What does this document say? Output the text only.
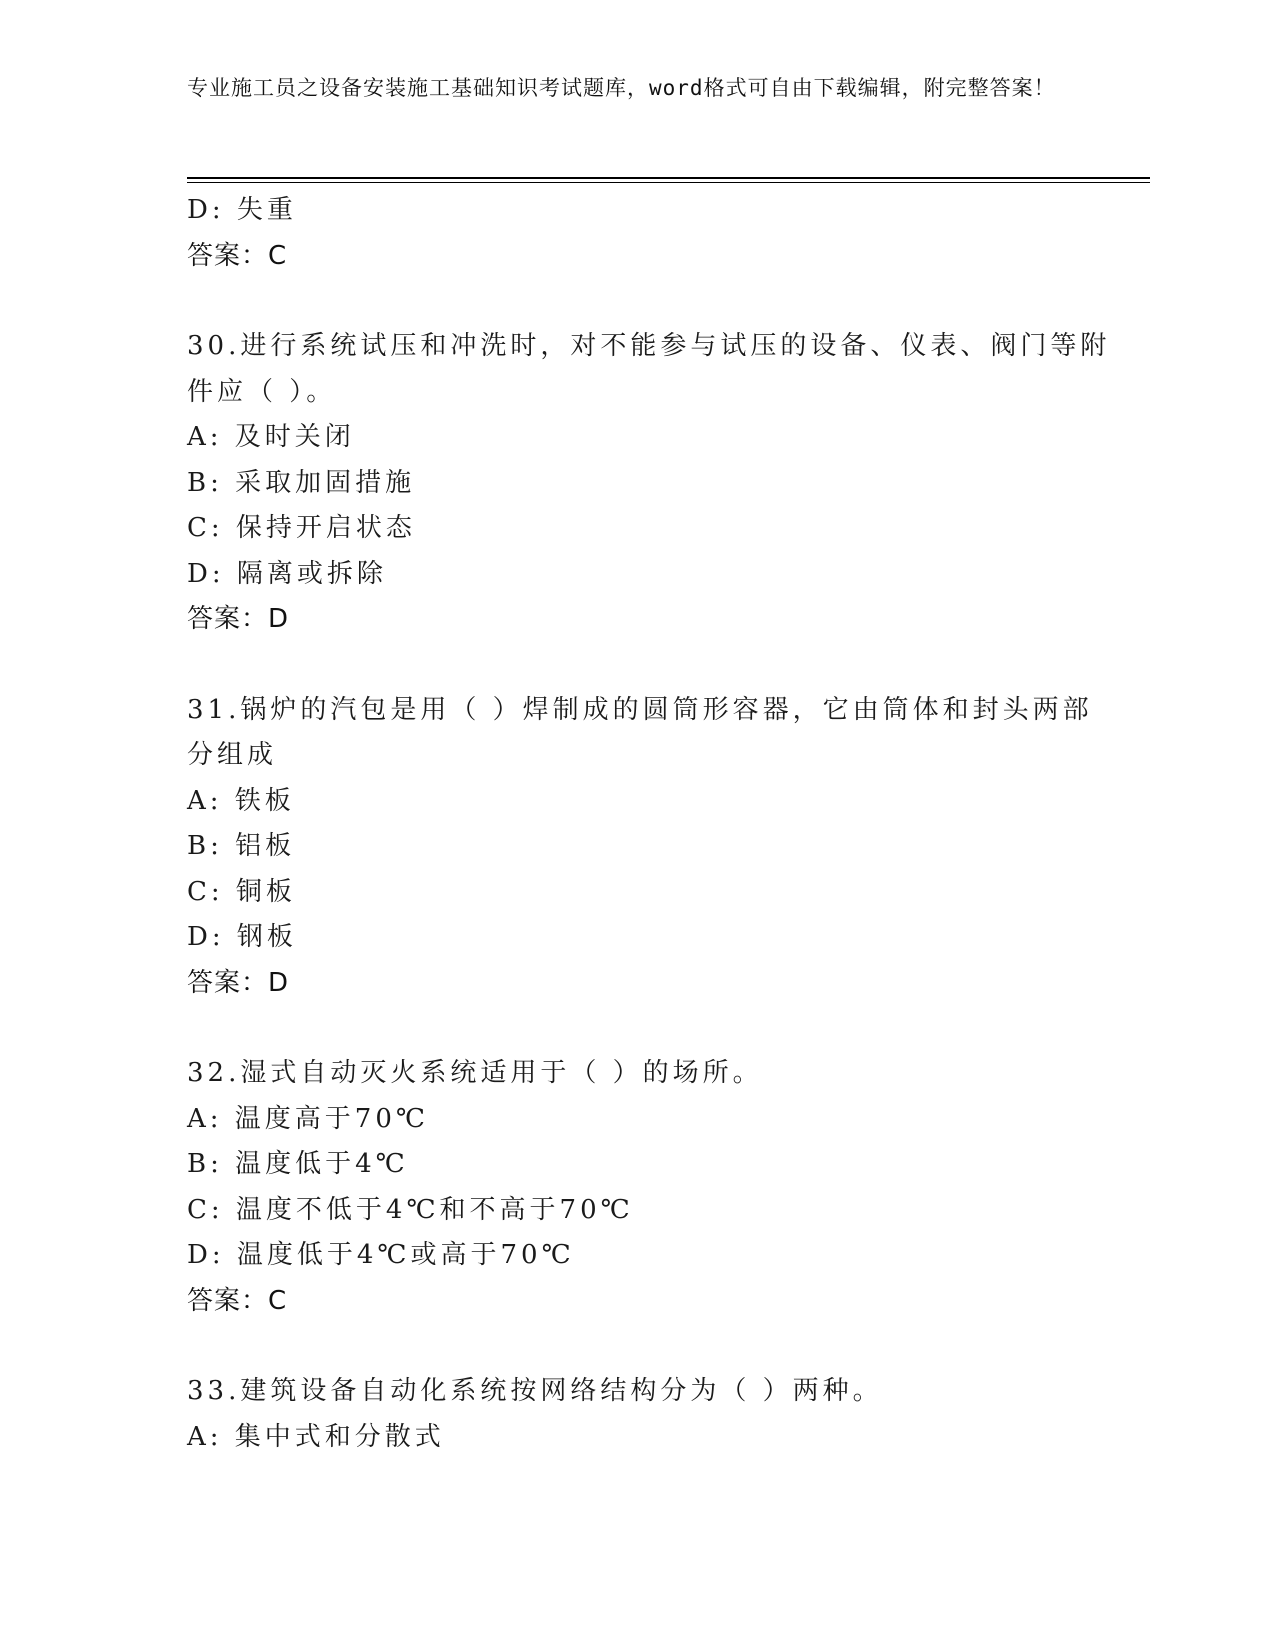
专业施工员之设备安装施工基础知识考试题库，word格式可自由下载编辑，附完整答案！

D: 失重

答案：C

30.进行系统试压和冲洗时，对不能参与试压的设备、仪表、阀门等附

件应（ ）。

A: 及时关闭

B: 采取加固措施

C: 保持开启状态

D: 隔离或拆除

答案：D

31.锅炉的汽包是用（ ）焊制成的圆筒形容器，它由筒体和封头两部

分组成

A: 铁板

B: 铝板

C: 铜板

D: 钢板

答案：D

32.湿式自动灭火系统适用于（ ）的场所。

A: 温度高于70℃

B: 温度低于4℃

C: 温度不低于4℃和不高于70℃

D: 温度低于4℃或高于70℃

答案：C

33.建筑设备自动化系统按网络结构分为（ ）两种。

A: 集中式和分散式
